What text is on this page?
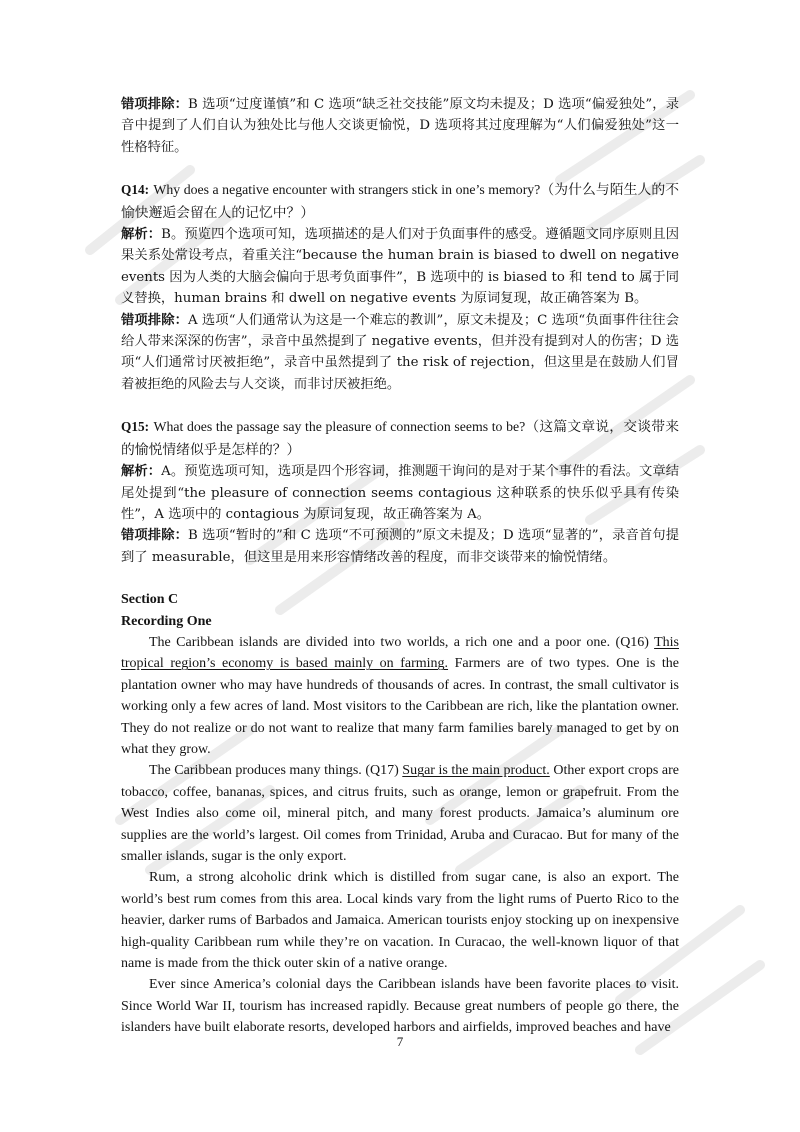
错项排除：B 选项“过度谨慎”和 C 选项“缺乏社交技能”原文均未提及；D 选项“偏爱独处”，录音中提到了人们自认为独处比与他人交谈更愉悦，D 选项将其过度理解为“人们偏爱独处”这一性格特征。

Q14: Why does a negative encounter with strangers stick in one’s memory?（为什么与陌生人的不愉快邂逅会留在人的记忆中？）

解析：B。预览四个选项可知，选项描述的是人们对于负面事件的感受。遵循题文同序原则且因果关系处常设考点，着重关注“because the human brain is biased to dwell on negative events 因为人类的大脑会偏向于思考负面事件”，B 选项中的 is biased to 和 tend to 属于同义替换，human brains 和 dwell on negative events 为原词复现，故正确答案为 B。

错项排除：A 选项“人们通常认为这是一个难忘的教训”，原文未提及；C 选项“负面事件往往会给人带来深深的伤害”，录音中虽然提到了 negative events，但并没有提到对人的伤害；D 选项“人们通常讨厌被拒绝”，录音中虽然提到了 the risk of rejection，但这里是在鼓励人们冒着被拒绝的风险去与人交谈，而非讨厌被拒绝。

Q15: What does the passage say the pleasure of connection seems to be?（这篇文章说，交谈带来的愉悦情绪似乎是怎样的？）

解析：A。预览选项可知，选项是四个形容词，推测题干询问的是对于某个事件的看法。文章结尾处提到“the pleasure of connection seems contagious 这种联系的快乐似乎具有传染性”，A 选项中的 contagious 为原词复现，故正确答案为 A。

错项排除：B 选项“暂时的”和 C 选项“不可预测的”原文未提及；D 选项“显著的”，录音首句提到了 measurable，但这里是用来形容情绪改善的程度，而非交谈带来的愉悦情绪。

Section C

Recording One

The Caribbean islands are divided into two worlds, a rich one and a poor one. (Q16) This tropical region’s economy is based mainly on farming. Farmers are of two types. One is the plantation owner who may have hundreds of thousands of acres. In contrast, the small cultivator is working only a few acres of land. Most visitors to the Caribbean are rich, like the plantation owner. They do not realize or do not want to realize that many farm families barely managed to get by on what they grow.

The Caribbean produces many things. (Q17) Sugar is the main product. Other export crops are tobacco, coffee, bananas, spices, and citrus fruits, such as orange, lemon or grapefruit. From the West Indies also come oil, mineral pitch, and many forest products. Jamaica’s aluminum ore supplies are the world’s largest. Oil comes from Trinidad, Aruba and Curacao. But for many of the smaller islands, sugar is the only export.

Rum, a strong alcoholic drink which is distilled from sugar cane, is also an export. The world’s best rum comes from this area. Local kinds vary from the light rums of Puerto Rico to the heavier, darker rums of Barbados and Jamaica. American tourists enjoy stocking up on inexpensive high-quality Caribbean rum while they’re on vacation. In Curacao, the well-known liquor of that name is made from the thick outer skin of a native orange.

Ever since America’s colonial days the Caribbean islands have been favorite places to visit. Since World War II, tourism has increased rapidly. Because great numbers of people go there, the islanders have built elaborate resorts, developed harbors and airfields, improved beaches and have

7
